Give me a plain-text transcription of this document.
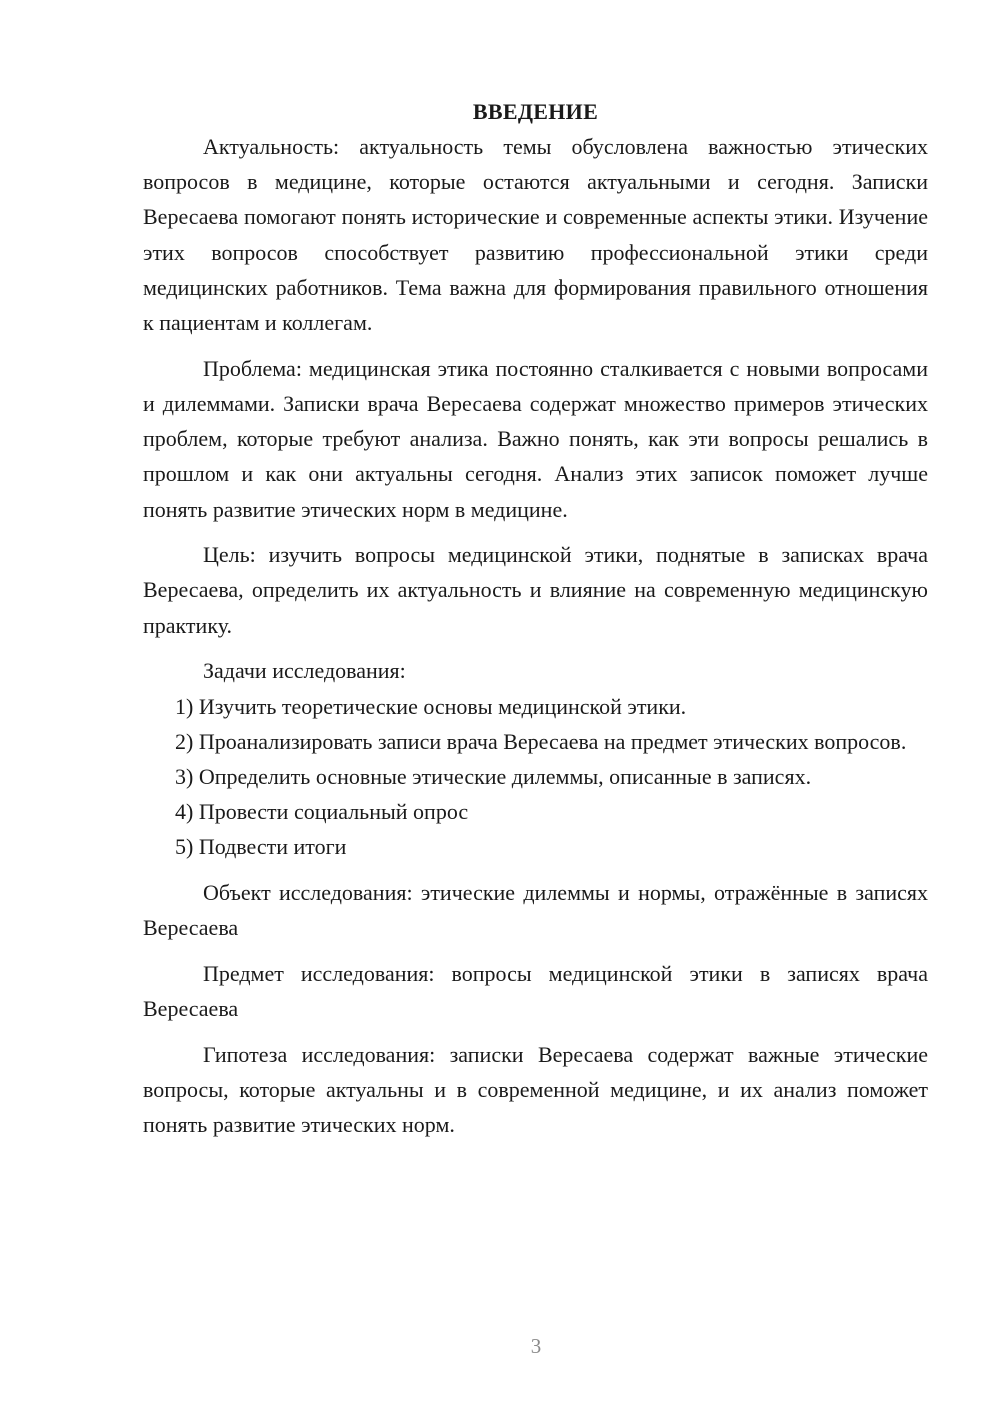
ВВЕДЕНИЕ

Актуальность: актуальность темы обусловлена важностью этических вопросов в медицине, которые остаются актуальными и сегодня. Записки Вересаева помогают понять исторические и современные аспекты этики. Изучение этих вопросов способствует развитию профессиональной этики среди медицинских работников. Тема важна для формирования правильного отношения к пациентам и коллегам.

Проблема: медицинская этика постоянно сталкивается с новыми вопросами и дилеммами. Записки врача Вересаева содержат множество примеров этических проблем, которые требуют анализа. Важно понять, как эти вопросы решались в прошлом и как они актуальны сегодня. Анализ этих записок поможет лучше понять развитие этических норм в медицине.

Цель: изучить вопросы медицинской этики, поднятые в записках врача Вересаева, определить их актуальность и влияние на современную медицинскую практику.

Задачи исследования:

1) Изучить теоретические основы медицинской этики.

2) Проанализировать записи врача Вересаева на предмет этических вопросов.

3) Определить основные этические дилеммы, описанные в записях.

4) Провести социальный опрос

5) Подвести итоги

Объект исследования: этические дилеммы и нормы, отражённые в записях Вересаева

Предмет исследования: вопросы медицинской этики в записях врача Вересаева

Гипотеза исследования: записки Вересаева содержат важные этические вопросы, которые актуальны и в современной медицине, и их анализ поможет понять развитие этических норм.

3
